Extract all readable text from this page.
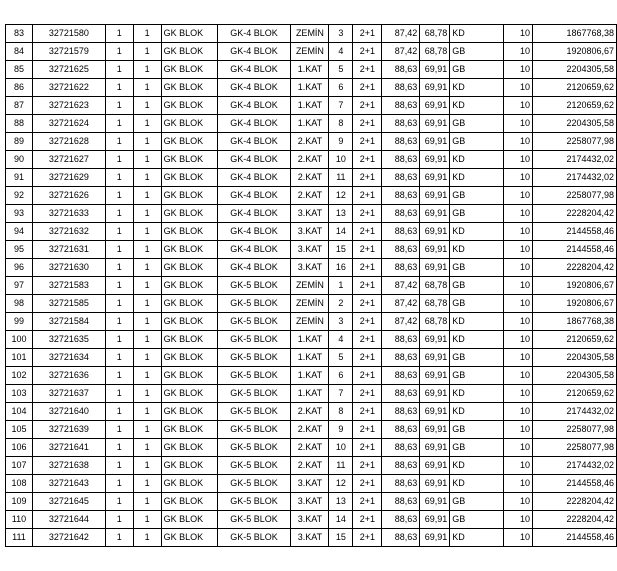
83	32721580	1	1	GK BLOK	GK-4 BLOK	ZEMİN	3	2+1	87,42	68,78	KD	10	1867768,38
84	32721579	1	1	GK BLOK	GK-4 BLOK	ZEMİN	4	2+1	87,42	68,78	GB	10	1920806,67
85	32721625	1	1	GK BLOK	GK-4 BLOK	1.KAT	5	2+1	88,63	69,91	GB	10	2204305,58
86	32721622	1	1	GK BLOK	GK-4 BLOK	1.KAT	6	2+1	88,63	69,91	KD	10	2120659,62
87	32721623	1	1	GK BLOK	GK-4 BLOK	1.KAT	7	2+1	88,63	69,91	KD	10	2120659,62
88	32721624	1	1	GK BLOK	GK-4 BLOK	1.KAT	8	2+1	88,63	69,91	GB	10	2204305,58
89	32721628	1	1	GK BLOK	GK-4 BLOK	2.KAT	9	2+1	88,63	69,91	GB	10	2258077,98
90	32721627	1	1	GK BLOK	GK-4 BLOK	2.KAT	10	2+1	88,63	69,91	KD	10	2174432,02
91	32721629	1	1	GK BLOK	GK-4 BLOK	2.KAT	11	2+1	88,63	69,91	KD	10	2174432,02
92	32721626	1	1	GK BLOK	GK-4 BLOK	2.KAT	12	2+1	88,63	69,91	GB	10	2258077,98
93	32721633	1	1	GK BLOK	GK-4 BLOK	3.KAT	13	2+1	88,63	69,91	GB	10	2228204,42
94	32721632	1	1	GK BLOK	GK-4 BLOK	3.KAT	14	2+1	88,63	69,91	KD	10	2144558,46
95	32721631	1	1	GK BLOK	GK-4 BLOK	3.KAT	15	2+1	88,63	69,91	KD	10	2144558,46
96	32721630	1	1	GK BLOK	GK-4 BLOK	3.KAT	16	2+1	88,63	69,91	GB	10	2228204,42
97	32721583	1	1	GK BLOK	GK-5 BLOK	ZEMİN	1	2+1	87,42	68,78	GB	10	1920806,67
98	32721585	1	1	GK BLOK	GK-5 BLOK	ZEMİN	2	2+1	87,42	68,78	GB	10	1920806,67
99	32721584	1	1	GK BLOK	GK-5 BLOK	ZEMİN	3	2+1	87,42	68,78	KD	10	1867768,38
100	32721635	1	1	GK BLOK	GK-5 BLOK	1.KAT	4	2+1	88,63	69,91	KD	10	2120659,62
101	32721634	1	1	GK BLOK	GK-5 BLOK	1.KAT	5	2+1	88,63	69,91	GB	10	2204305,58
102	32721636	1	1	GK BLOK	GK-5 BLOK	1.KAT	6	2+1	88,63	69,91	GB	10	2204305,58
103	32721637	1	1	GK BLOK	GK-5 BLOK	1.KAT	7	2+1	88,63	69,91	KD	10	2120659,62
104	32721640	1	1	GK BLOK	GK-5 BLOK	2.KAT	8	2+1	88,63	69,91	KD	10	2174432,02
105	32721639	1	1	GK BLOK	GK-5 BLOK	2.KAT	9	2+1	88,63	69,91	GB	10	2258077,98
106	32721641	1	1	GK BLOK	GK-5 BLOK	2.KAT	10	2+1	88,63	69,91	GB	10	2258077,98
107	32721638	1	1	GK BLOK	GK-5 BLOK	2.KAT	11	2+1	88,63	69,91	KD	10	2174432,02
108	32721643	1	1	GK BLOK	GK-5 BLOK	3.KAT	12	2+1	88,63	69,91	KD	10	2144558,46
109	32721645	1	1	GK BLOK	GK-5 BLOK	3.KAT	13	2+1	88,63	69,91	GB	10	2228204,42
110	32721644	1	1	GK BLOK	GK-5 BLOK	3.KAT	14	2+1	88,63	69,91	GB	10	2228204,42
111	32721642	1	1	GK BLOK	GK-5 BLOK	3.KAT	15	2+1	88,63	69,91	KD	10	2144558,46
